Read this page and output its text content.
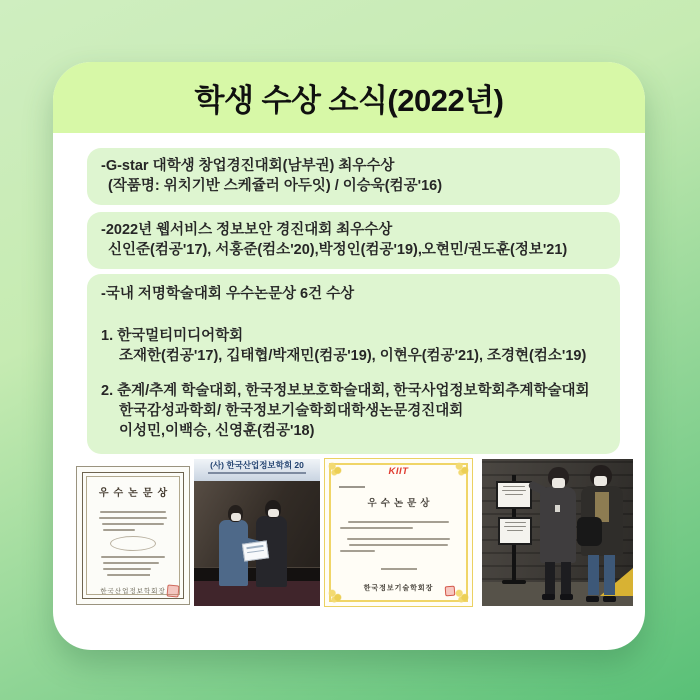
학생 수상 소식(2022년)
-G-star 대학생 창업경진대회(남부권) 최우수상
(작품명: 위치기반 스케쥴러 아두잇) / 이승욱(컴공'16)
-2022년 웹서비스 정보보안 경진대회 최우수상
신인준(컴공'17), 서홍준(컴소'20),박정인(컴공'19),오현민/권도훈(정보'21)
-국내 저명학술대회 우수논문상 6건 수상
1. 한국멀티미디어학회
조재한(컴공'17), 깁태협/박재민(컴공'19), 이현우(컴공'21), 조경현(컴소'19)
2. 춘계/추계 학술대회, 한국정보보호학술대회, 한국사업정보학회추계학술대회
한국감성과학회/ 한국정보기술학회대학생논문경진대회
이성민,이백승, 신영훈(컴공'18)
우수논문상
한국산업정보학회장
(사) 한국산업정보학회 20
KIIT
우수논문상
한국정보기술학회장
